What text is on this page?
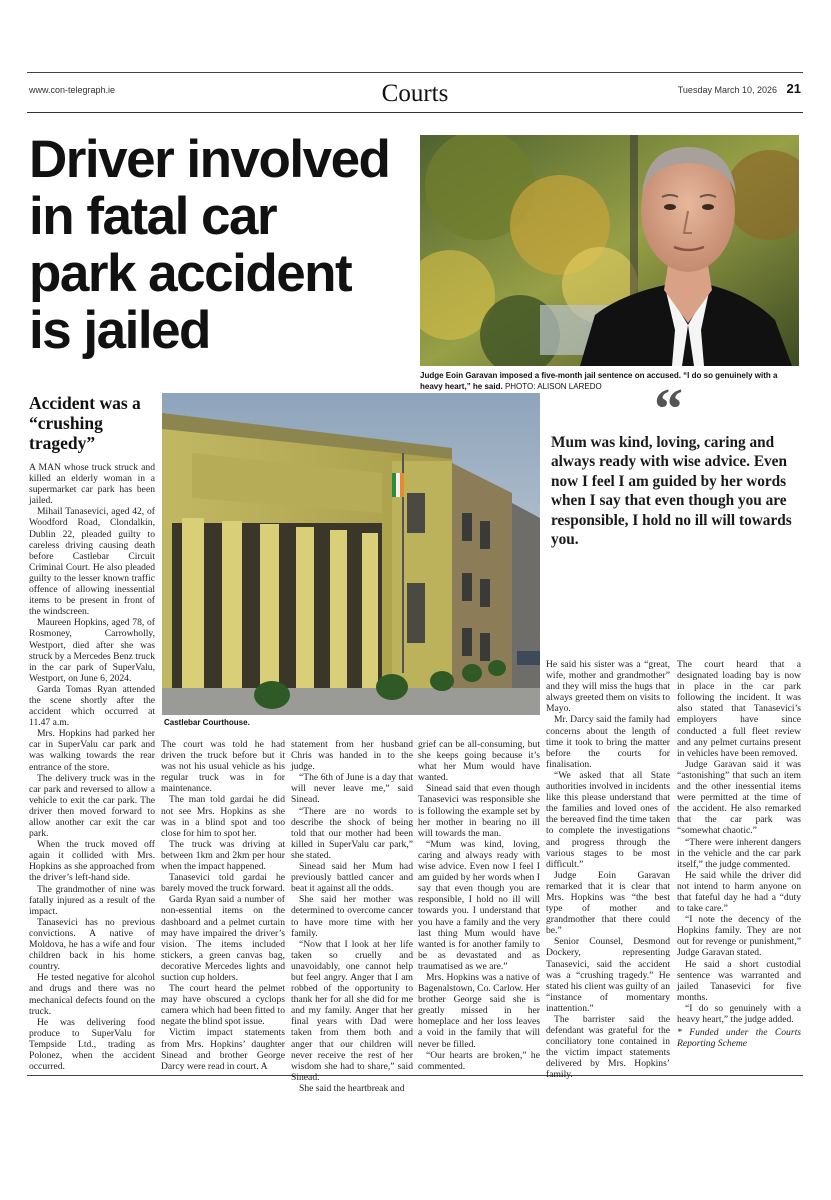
www.con-telegraph.ie	Courts	Tuesday March 10, 2026 21
Driver involved
in fatal car
park accident
is jailed
Judge Eoin Garavan imposed a five-month jail sentence on accused. “I do so genuinely with a heavy heart,” he said. PHOTO: ALISON LAREDO
Accident was a “crushing tragedy”
Castlebar Courthouse.
“
Mum was kind, loving, caring and always ready with wise advice. Even now I feel I am guided by her words when I say that even though you are responsible, I hold no ill will towards you.

A MAN whose truck struck and killed an elderly woman in a supermarket car park has been jailed.

Mihail Tanasevici, aged 42, of Woodford Road, Clondalkin, Dublin 22, pleaded guilty to careless driving causing death before Castlebar Circuit Criminal Court. He also pleaded guilty to the lesser known traffic offence of allowing inessential items to be present in front of the windscreen.

Maureen Hopkins, aged 78, of Rosmoney, Carrowholly, Westport, died after she was struck by a Mercedes Benz truck in the car park of SuperValu, Westport, on June 6, 2024.

Garda Tomas Ryan attended the scene shortly after the accident which occurred at 11.47 a.m.

Mrs. Hopkins had parked her car in SuperValu car park and was walking towards the rear entrance of the store.

The delivery truck was in the car park and reversed to allow a vehicle to exit the car park. The driver then moved forward to allow another car exit the car park.

When the truck moved off again it collided with Mrs. Hopkins as she approached from the driver’s left-hand side.

The grandmother of nine was fatally injured as a result of the impact.

Tanasevici has no previous convictions. A native of Moldova, he has a wife and four children back in his home country.

He tested negative for alcohol and drugs and there was no mechanical defects found on the truck.

He was delivering food produce to SuperValu for Tempside Ltd., trading as Polonez, when the accident occurred.

The court was told he had driven the truck before but it was not his usual vehicle as his regular truck was in for maintenance.

The man told gardai he did not see Mrs. Hopkins as she was in a blind spot and too close for him to spot her.

The truck was driving at between 1km and 2km per hour when the impact happened.

Tanasevici told gardai he barely moved the truck forward.

Garda Ryan said a number of non-essential items on the dashboard and a pelmet curtain may have impaired the driver’s vision. The items included stickers, a green canvas bag, decorative Mercedes lights and suction cup holders.

The court heard the pelmet may have obscured a cyclops camera which had been fitted to negate the blind spot issue.

Victim impact statements from Mrs. Hopkins’ daughter Sinead and brother George Darcy were read in court. A

statement from her husband Chris was handed in to the judge.

“The 6th of June is a day that will never leave me,” said Sinead.

“There are no words to describe the shock of being told that our mother had been killed in SuperValu car park,” she stated.

Sinead said her Mum had previously battled cancer and beat it against all the odds.

She said her mother was determined to overcome cancer to have more time with her family.

“Now that I look at her life taken so cruelly and unavoidably, one cannot help but feel angry. Anger that I am robbed of the opportunity to thank her for all she did for me and my family. Anger that her final years with Dad were taken from them both and anger that our children will never receive the rest of her wisdom she had to share,” said Sinead.

She said the heartbreak and

grief can be all-consuming, but she keeps going because it’s what her Mum would have wanted.

Sinead said that even though Tanasevici was responsible she is following the example set by her mother in bearing no ill will towards the man.

“Mum was kind, loving, caring and always ready with wise advice. Even now I feel I am guided by her words when I say that even though you are responsible, I hold no ill will towards you. I understand that you have a family and the very last thing Mum would have wanted is for another family to be as devastated and as traumatised as we are.”

Mrs. Hopkins was a native of Bagenalstown, Co. Carlow. Her brother George said she is greatly missed in her homeplace and her loss leaves a void in the family that will never be filled.

“Our hearts are broken,” he commented.

He said his sister was a “great, wife, mother and grandmother” and they will miss the hugs that always greeted them on visits to Mayo.

Mr. Darcy said the family had concerns about the length of time it took to bring the matter before the courts for finalisation.

“We asked that all State authorities involved in incidents like this please understand that the families and loved ones of the bereaved find the time taken to complete the investigations and progress through the various stages to be most difficult.”

Judge Eoin Garavan remarked that it is clear that Mrs. Hopkins was “the best type of mother and grandmother that there could be.”

Senior Counsel, Desmond Dockery, representing Tanasevici, said the accident was a “crushing tragedy.” He stated his client was guilty of an “instance of momentary inattention.”

The barrister said the defendant was grateful for the conciliatory tone contained in the victim impact statements delivered by Mrs. Hopkins’ family.

The court heard that a designated loading bay is now in place in the car park following the incident. It was also stated that Tanasevici’s employers have since conducted a full fleet review and any pelmet curtains present in vehicles have been removed.

Judge Garavan said it was “astonishing” that such an item and the other inessential items were permitted at the time of the accident. He also remarked that the car park was “somewhat chaotic.”

“There were inherent dangers in the vehicle and the car park itself,” the judge commented.

He said while the driver did not intend to harm anyone on that fateful day he had a “duty to take care.”

“I note the decency of the Hopkins family. They are not out for revenge or punishment,” Judge Garavan stated.

He said a short custodial sentence was warranted and jailed Tanasevici for five months.

“I do so genuinely with a heavy heart,” the judge added.

* Funded under the Courts Reporting Scheme
